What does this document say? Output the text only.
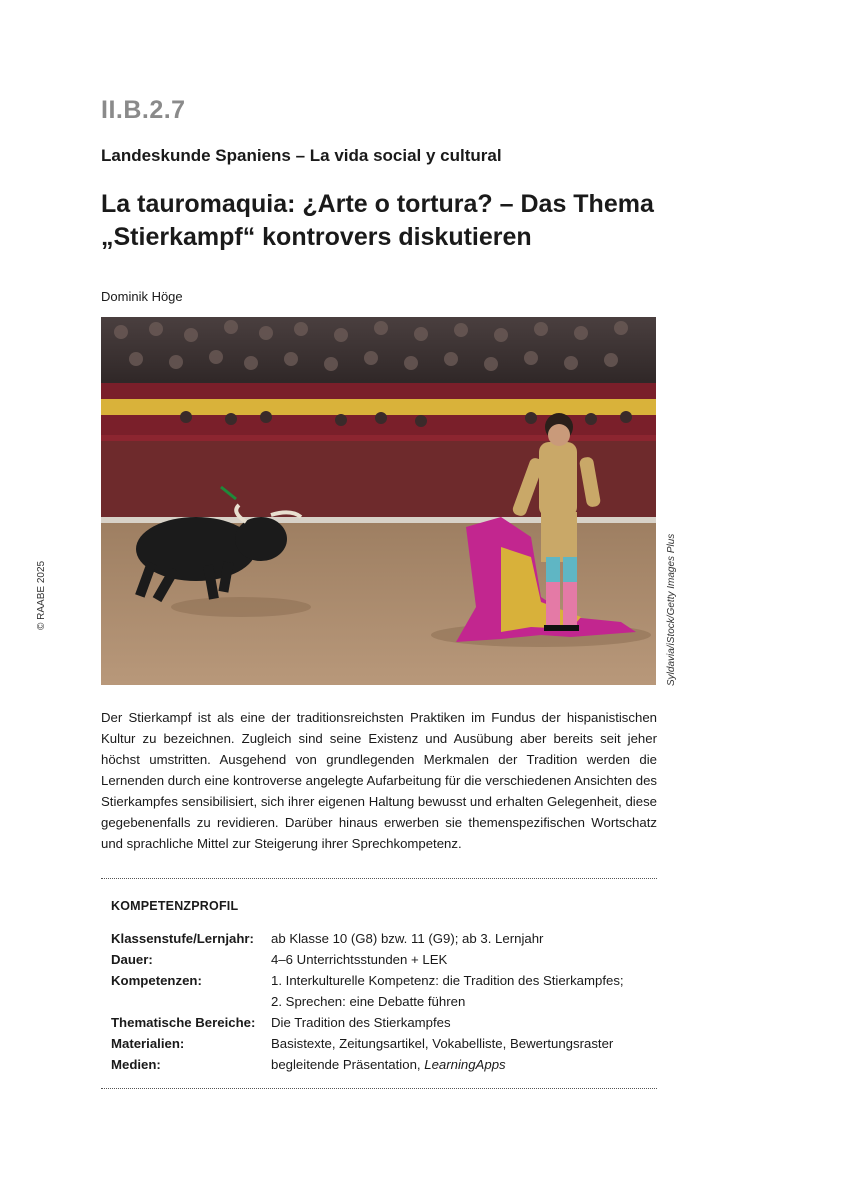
II.B.2.7
Landeskunde Spaniens – La vida social y cultural
La tauromaquia: ¿Arte o tortura? – Das Thema
„Stierkampf“ kontrovers diskutieren
Dominik Höge
© RAABE 2025	Syldavia/iStock/Getty Images Plus
Der Stierkampf ist als eine der traditionsreichsten Praktiken im Fundus der hispanistischen Kultur zu bezeichnen. Zugleich sind seine Existenz und Ausübung aber bereits seit jeher höchst umstritten. Ausgehend von grundlegenden Merkmalen der Tradition werden die Lernenden durch eine kontroverse angelegte Aufarbeitung für die verschiedenen Ansichten des Stierkampfes sensibilisiert, sich ihrer eigenen Haltung bewusst und erhalten Gelegenheit, diese gegebenenfalls zu revidieren. Darüber hinaus erwerben sie themenspezifischen Wortschatz und sprachliche Mittel zur Steigerung ihrer Sprechkompetenz.
KOMPETENZPROFIL
Klassenstufe/Lernjahr:	ab Klasse 10 (G8) bzw. 11 (G9); ab 3. Lernjahr
Dauer:	4–6 Unterrichtsstunden + LEK
Kompetenzen:	1. Interkulturelle Kompetenz: die Tradition des Stierkampfes;
2. Sprechen: eine Debatte führen
Thematische Bereiche:	Die Tradition des Stierkampfes
Materialien:	Basistexte, Zeitungsartikel, Vokabelliste, Bewertungsraster
Medien:	begleitende Präsentation, LearningApps
